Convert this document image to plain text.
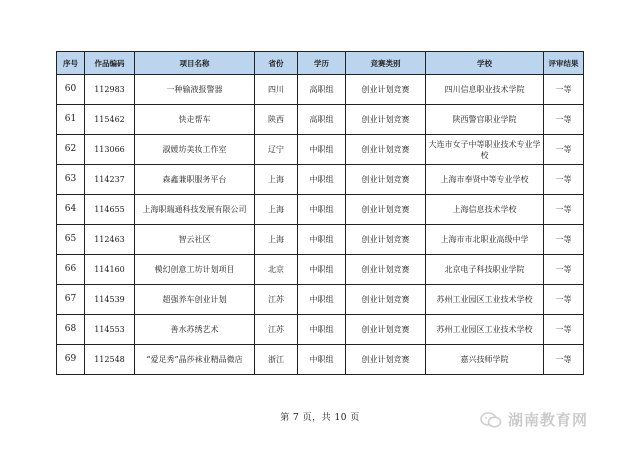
序号	作品编码	项目名称	省份	学历	竞赛类别	学校	评审结果
60	112983	一种输液报警器	四川	高职组	创业计划竞赛	四川信息职业技术学院	一等
61	115462	快走帮车	陕西	高职组	创业计划竞赛	陕西警官职业学院	一等
62	113066	淑媛坊美妆工作室	辽宁	中职组	创业计划竞赛	大连市女子中等职业技术专业学校	一等
63	114237	森鑫兼职服务平台	上海	中职组	创业计划竞赛	上海市奉贤中等专业学校	一等
64	114655	上海职瑞通科技发展有限公司	上海	中职组	创业计划竞赛	上海信息技术学校	一等
65	112463	智云社区	上海	中职组	创业计划竞赛	上海市市北职业高级中学	一等
66	114160	模幻创意工坊计划项目	北京	中职组	创业计划竞赛	北京电子科技职业学院	一等
67	114539	超强养车创业计划	江苏	中职组	创业计划竞赛	苏州工业园区工业技术学校	一等
68	114553	善水苏绣艺术	江苏	中职组	创业计划竞赛	苏州工业园区工业技术学校	一等
69	112548	“爱足秀”晶莎袜业精品微店	浙江	中职组	创业计划竞赛	嘉兴技师学院	一等
第 7 页，共 10 页	湖南教育网
